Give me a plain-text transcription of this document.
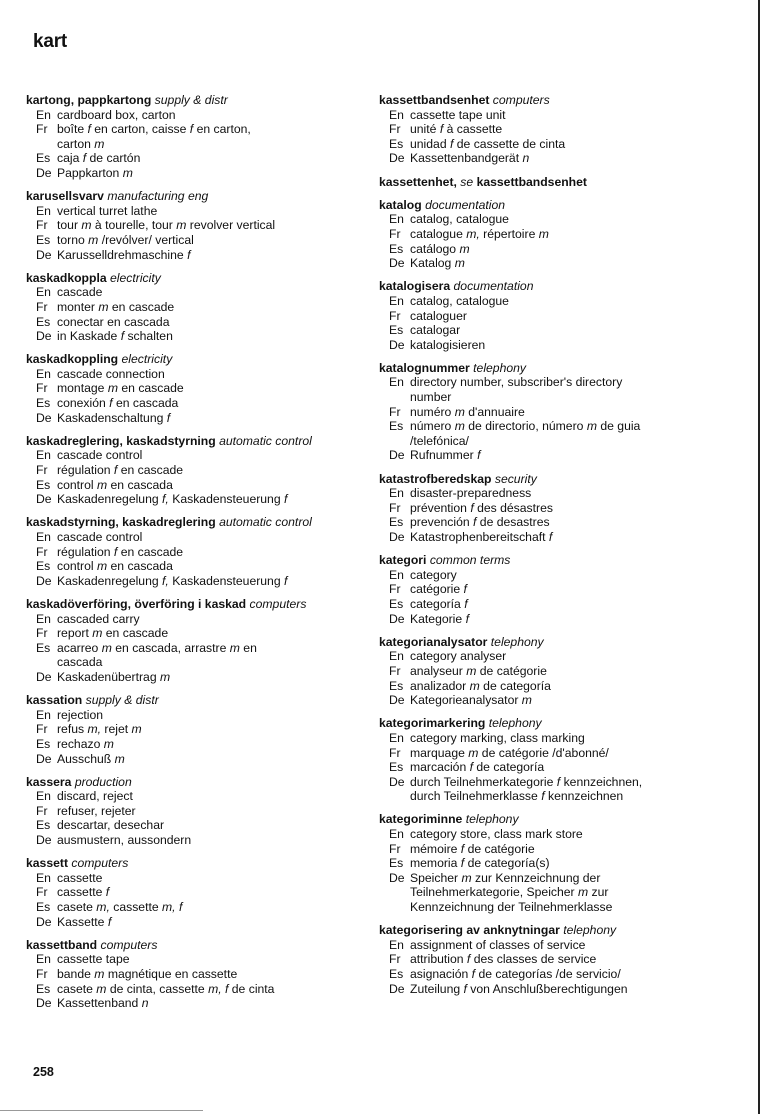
kart
kartong, pappkartong supply & distr
En cardboard box, carton
Fr boîte f en carton, caisse f en carton,
carton m
Es caja f de cartón
De Pappkarton m
karusellsvarv manufacturing eng
En vertical turret lathe
Fr tour m à tourelle, tour m revolver vertical
Es torno m /revólver/ vertical
De Karusselldrehmaschine f
kaskadkoppla electricity
En cascade
Fr monter m en cascade
Es conectar en cascada
De in Kaskade f schalten
kaskadkoppling electricity
En cascade connection
Fr montage m en cascade
Es conexión f en cascada
De Kaskadenschaltung f
kaskadreglering, kaskadstyrning automatic control
En cascade control
Fr régulation f en cascade
Es control m en cascada
De Kaskadenregelung f, Kaskadensteuerung f
kaskadstyrning, kaskadreglering automatic control
En cascade control
Fr régulation f en cascade
Es control m en cascada
De Kaskadenregelung f, Kaskadensteuerung f
kaskadöverföring, överföring i kaskad computers
En cascaded carry
Fr report m en cascade
Es acarreo m en cascada, arrastre m en
cascada
De Kaskadenübertrag m
kassation supply & distr
En rejection
Fr refus m, rejet m
Es rechazo m
De Ausschuß m
kassera production
En discard, reject
Fr refuser, rejeter
Es descartar, desechar
De ausmustern, aussondern
kassett computers
En cassette
Fr cassette f
Es casete m, cassette m, f
De Kassette f
kassettband computers
En cassette tape
Fr bande m magnétique en cassette
Es casete m de cinta, cassette m, f de cinta
De Kassettenband n
kassettbandsenhet computers
En cassette tape unit
Fr unité f à cassette
Es unidad f de cassette de cinta
De Kassettenbandgerät n
kassettenhet, se kassettbandsenhet
katalog documentation
En catalog, catalogue
Fr catalogue m, répertoire m
Es catálogo m
De Katalog m
katalogisera documentation
En catalog, catalogue
Fr cataloguer
Es catalogar
De katalogisieren
katalognummer telephony
En directory number, subscriber's directory
number
Fr numéro m d'annuaire
Es número m de directorio, número m de guia
/telefónica/
De Rufnummer f
katastrofberedskap security
En disaster-preparedness
Fr prévention f des désastres
Es prevención f de desastres
De Katastrophenbereitschaft f
kategori common terms
En category
Fr catégorie f
Es categoría f
De Kategorie f
kategorianalysator telephony
En category analyser
Fr analyseur m de catégorie
Es analizador m de categoría
De Kategorieanalysator m
kategorimarkering telephony
En category marking, class marking
Fr marquage m de catégorie /d'abonné/
Es marcación f de categoría
De durch Teilnehmerkategorie f kennzeichnen,
durch Teilnehmerklasse f kennzeichnen
kategoriminne telephony
En category store, class mark store
Fr mémoire f de catégorie
Es memoria f de categoría(s)
De Speicher m zur Kennzeichnung der
Teilnehmerkategorie, Speicher m zur
Kennzeichnung der Teilnehmerklasse
kategorisering av anknytningar telephony
En assignment of classes of service
Fr attribution f des classes de service
Es asignación f de categorías /de servicio/
De Zuteilung f von Anschlußberechtigungen
258
